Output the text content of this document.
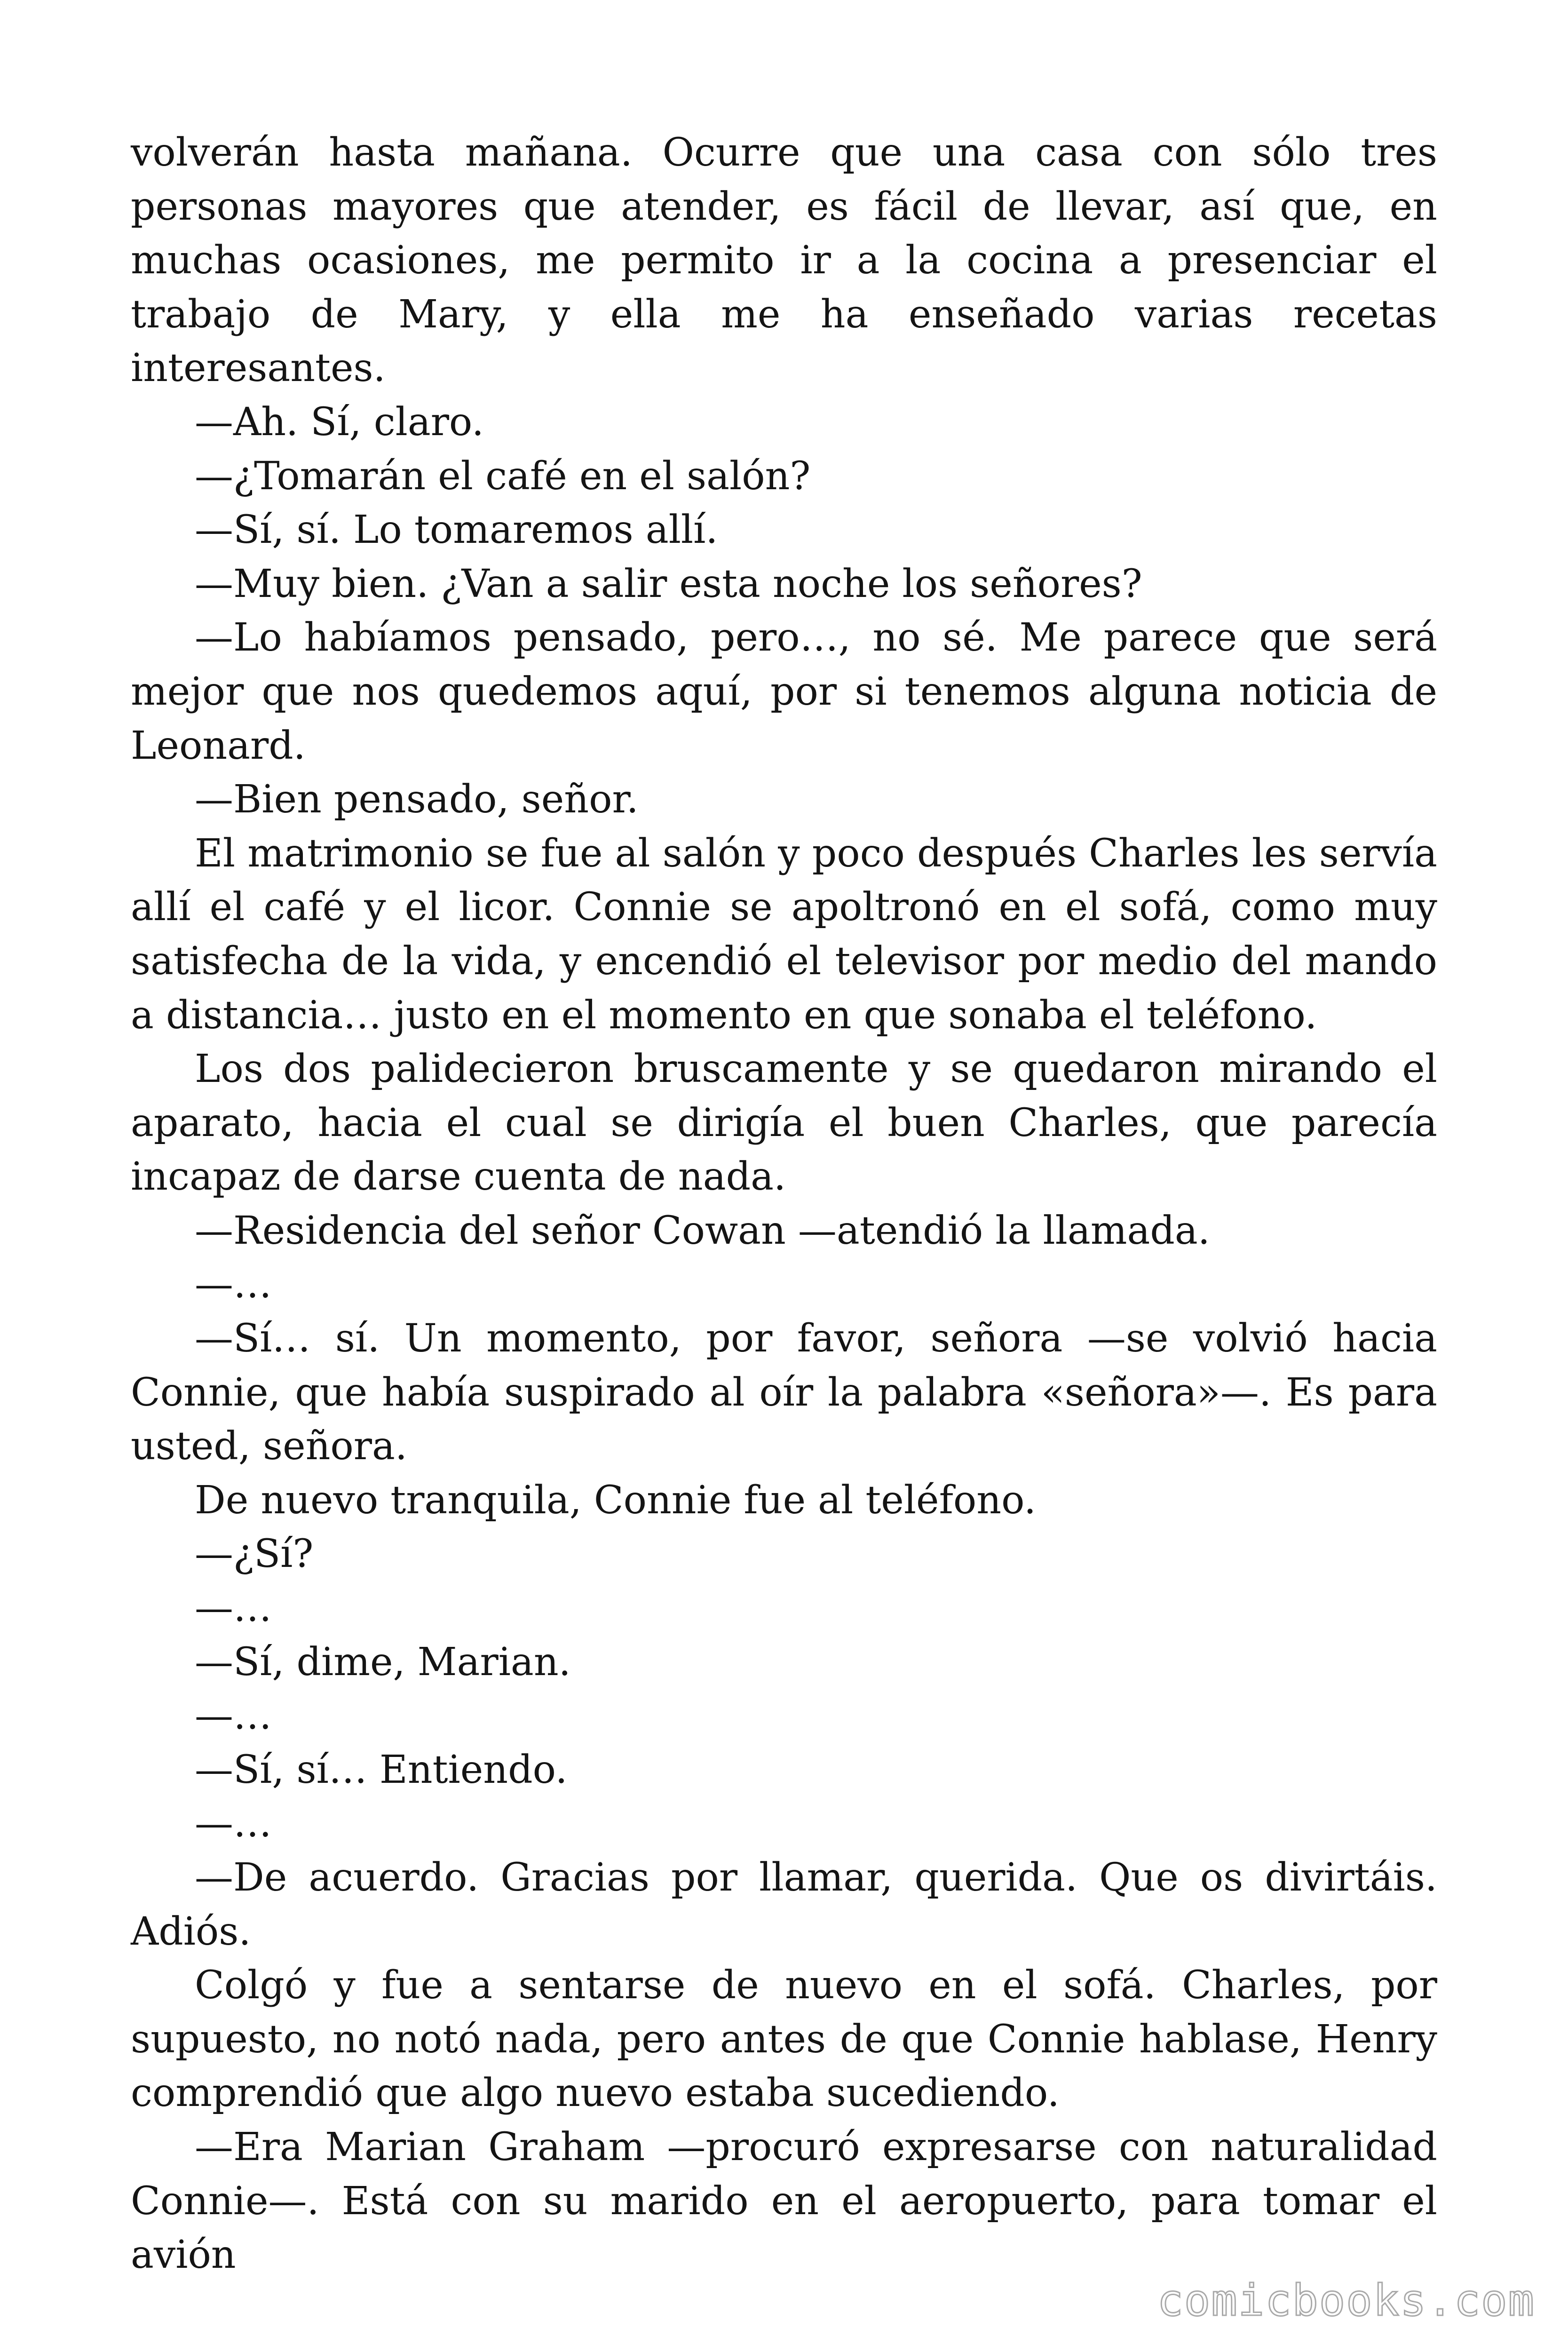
volverán hasta mañana. Ocurre que una casa con sólo tres personas mayores que atender, es fácil de llevar, así que, en muchas ocasiones, me permito ir a la cocina a presenciar el trabajo de Mary, y ella me ha enseñado varias recetas interesantes.

—Ah. Sí, claro.

—¿Tomarán el café en el salón?

—Sí, sí. Lo tomaremos allí.

—Muy bien. ¿Van a salir esta noche los señores?

—Lo habíamos pensado, pero…, no sé. Me parece que será mejor que nos quedemos aquí, por si tenemos alguna noticia de Leonard.

—Bien pensado, señor.

El matrimonio se fue al salón y poco después Charles les servía allí el café y el licor. Connie se apoltronó en el sofá, como muy satisfecha de la vida, y encendió el televisor por medio del mando a distancia… justo en el momento en que sonaba el teléfono.

Los dos palidecieron bruscamente y se quedaron mirando el aparato, hacia el cual se dirigía el buen Charles, que parecía incapaz de darse cuenta de nada.

—Residencia del señor Cowan —atendió la llamada.

—…

—Sí… sí. Un momento, por favor, señora —se volvió hacia Connie, que había suspirado al oír la palabra «señora»—. Es para usted, señora.

De nuevo tranquila, Connie fue al teléfono.

—¿Sí?

—…

—Sí, dime, Marian.

—…

—Sí, sí… Entiendo.

—…

—De acuerdo. Gracias por llamar, querida. Que os divirtáis. Adiós.

Colgó y fue a sentarse de nuevo en el sofá. Charles, por supuesto, no notó nada, pero antes de que Connie hablase, Henry comprendió que algo nuevo estaba sucediendo.

—Era Marian Graham —procuró expresarse con naturalidad Connie—. Está con su marido en el aeropuerto, para tomar el avión

comicbooks.com
